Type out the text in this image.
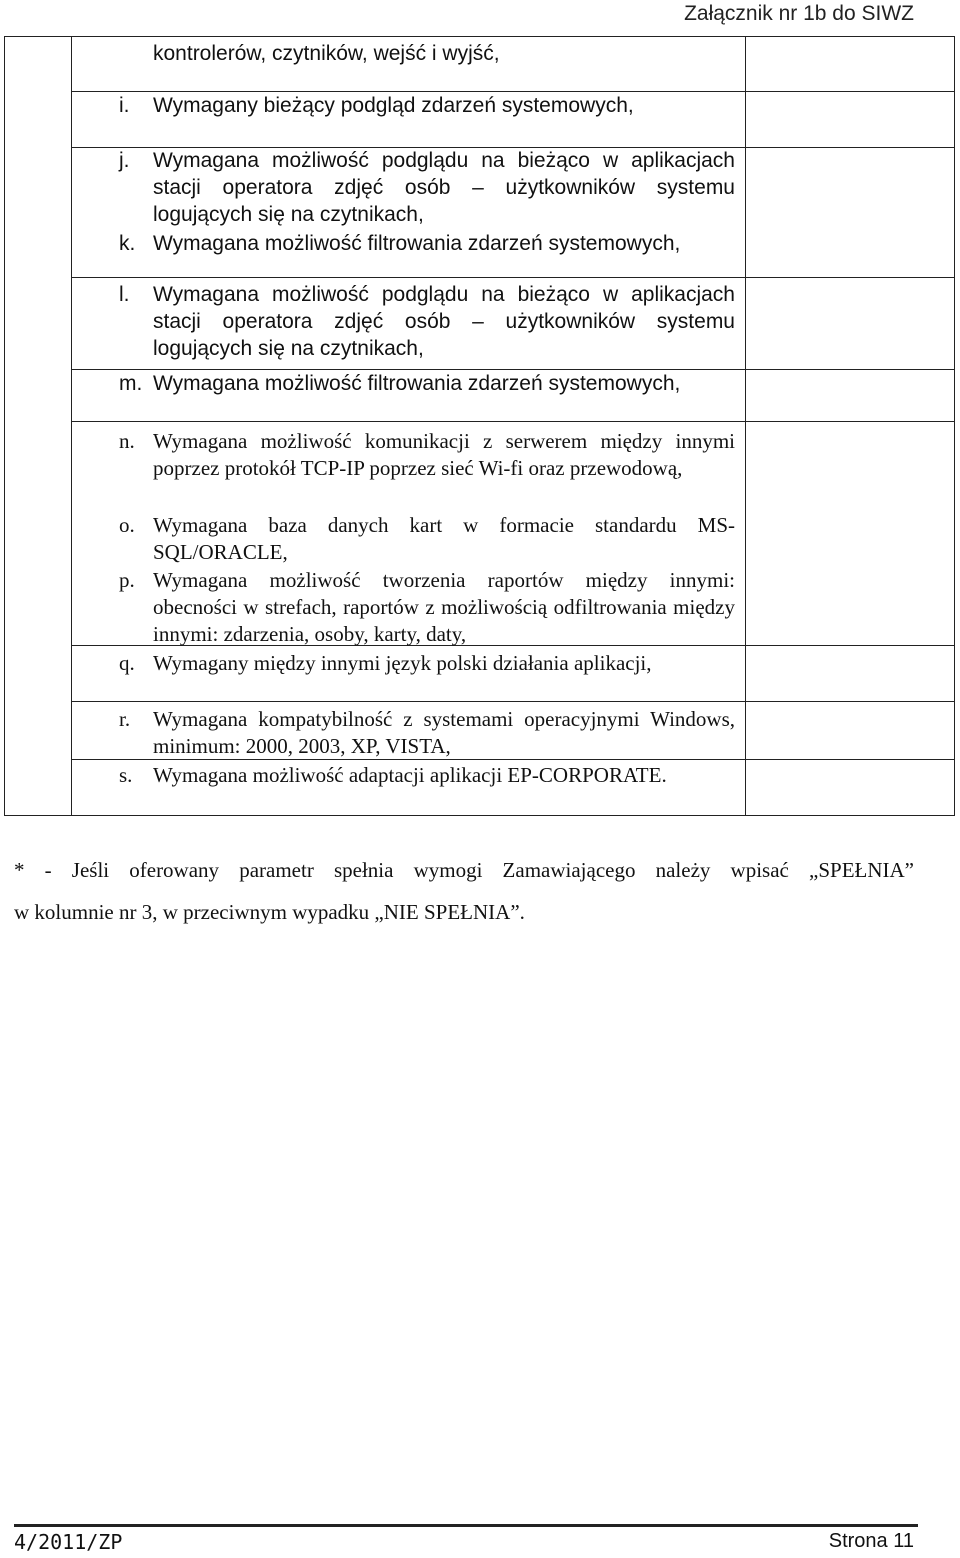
Załącznik nr 1b do SIWZ
kontrolerów, czytników, wejść i wyjść,
i.	Wymagany bieżący podgląd zdarzeń systemowych,
j.	Wymagana możliwość podglądu na bieżąco w aplikacjach stacji operatora zdjęć osób – użytkowników systemu logujących się na czytnikach,
k. Wymagana możliwość filtrowania zdarzeń systemowych,
l.	Wymagana możliwość podglądu na bieżąco w aplikacjach stacji operatora zdjęć osób – użytkowników systemu logujących się na czytnikach,
m. Wymagana możliwość filtrowania zdarzeń systemowych,
n. Wymagana możliwość komunikacji z serwerem między innymi poprzez protokół TCP-IP poprzez sieć Wi-fi oraz przewodową,
o. Wymagana baza danych kart w formacie standardu MS-SQL/ORACLE,
p. Wymagana możliwość tworzenia raportów między innymi: obecności w strefach, raportów z możliwością odfiltrowania między innymi: zdarzenia, osoby, karty, daty,
q. Wymagany między innymi język polski działania aplikacji,
r.	Wymagana kompatybilność z systemami operacyjnymi Windows, minimum: 2000, 2003, XP, VISTA,
s. Wymagana możliwość adaptacji aplikacji EP-CORPORATE.
* - Jeśli oferowany parametr spełnia wymogi Zamawiającego należy wpisać „SPEŁNIA”
w kolumnie nr 3, w przeciwnym wypadku „NIE SPEŁNIA”.
4/2011/ZP	Strona 11
